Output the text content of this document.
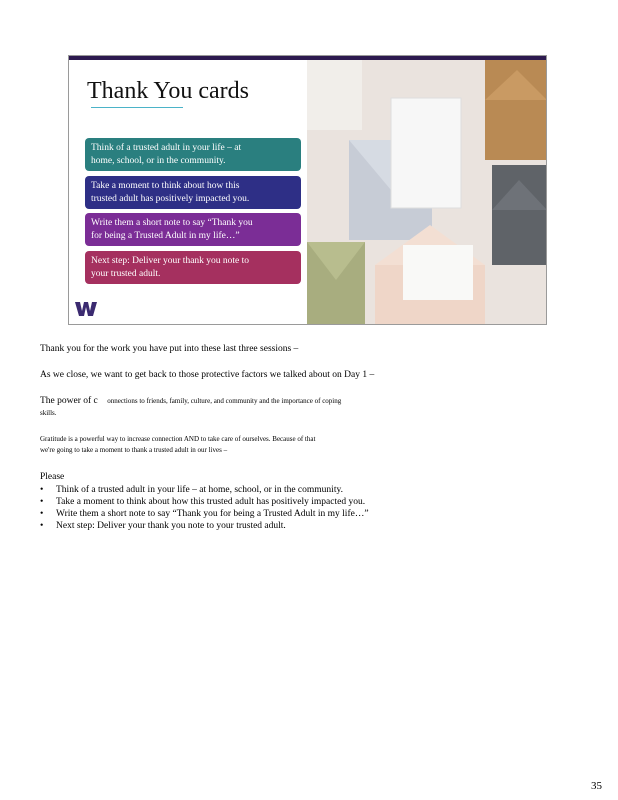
Thank You cards
Think of a trusted adult in your life – at
home, school, or in the community.
Take a moment to think about how this
trusted adult has positively impacted you.
Write them a short note to say “Thank you
for being a Trusted Adult in my life…”
Next step: Deliver your thank you note to
your trusted adult.
Thank you for the work you have put into these last three sessions –
As we close, we want to get back to those protective factors we talked about on Day 1 –
The power of c onnections to friends, family, culture, and community and the importance of coping
skills.
Gratitude is a powerful way to increase connection AND to take care of ourselves. Because of that
we're going to take a moment to thank a trusted adult in our lives –
Please
• Think of a trusted adult in your life – at home, school, or in the community.
• Take a moment to think about how this trusted adult has positively impacted you.
• Write them a short note to say “Thank you for being a Trusted Adult in my life…”
• Next step: Deliver your thank you note to your trusted adult.
35
